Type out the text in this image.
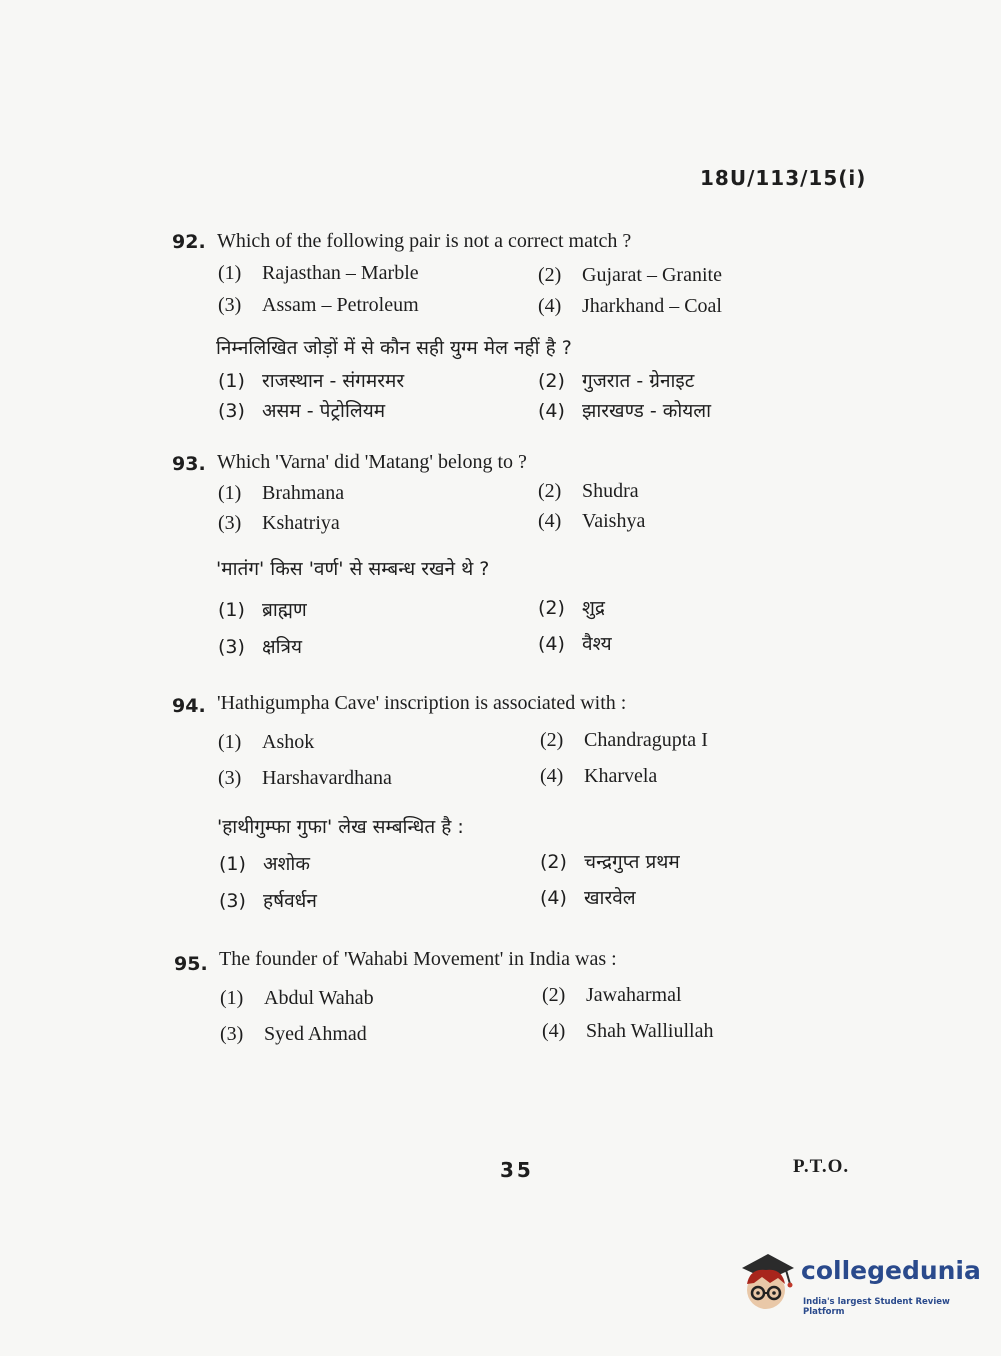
18U/113/15(i)
92. Which of the following pair is not a correct match ?
(1) Rajasthan – Marble	(2) Gujarat – Granite
(3) Assam – Petroleum	(4) Jharkhand – Coal
निम्नलिखित जोड़ों में से कौन सही युग्म मेल नहीं है ?
(1) राजस्थान - संगमरमर	(2) गुजरात - ग्रेनाइट
(3) असम - पेट्रोलियम	(4) झारखण्ड - कोयला
93. Which 'Varna' did 'Matang' belong to ?
(1) Brahmana	(2) Shudra
(3) Kshatriya	(4) Vaishya
'मातंग' किस 'वर्ण' से सम्बन्ध रखने थे ?
(1) ब्राह्मण	(2) शुद्र
(3) क्षत्रिय	(4) वैश्य
94. 'Hathigumpha Cave' inscription is associated with :
(1) Ashok	(2) Chandragupta I
(3) Harshavardhana	(4) Kharvela
'हाथीगुम्फा गुफा' लेख सम्बन्धित है :
(1) अशोक	(2) चन्द्रगुप्त प्रथम
(3) हर्षवर्धन	(4) खारवेल
95. The founder of 'Wahabi Movement' in India was :
(1) Abdul Wahab	(2) Jawaharmal
(3) Syed Ahmad	(4) Shah Walliullah
35	P.T.O.
collegedunia
India's largest Student Review Platform
